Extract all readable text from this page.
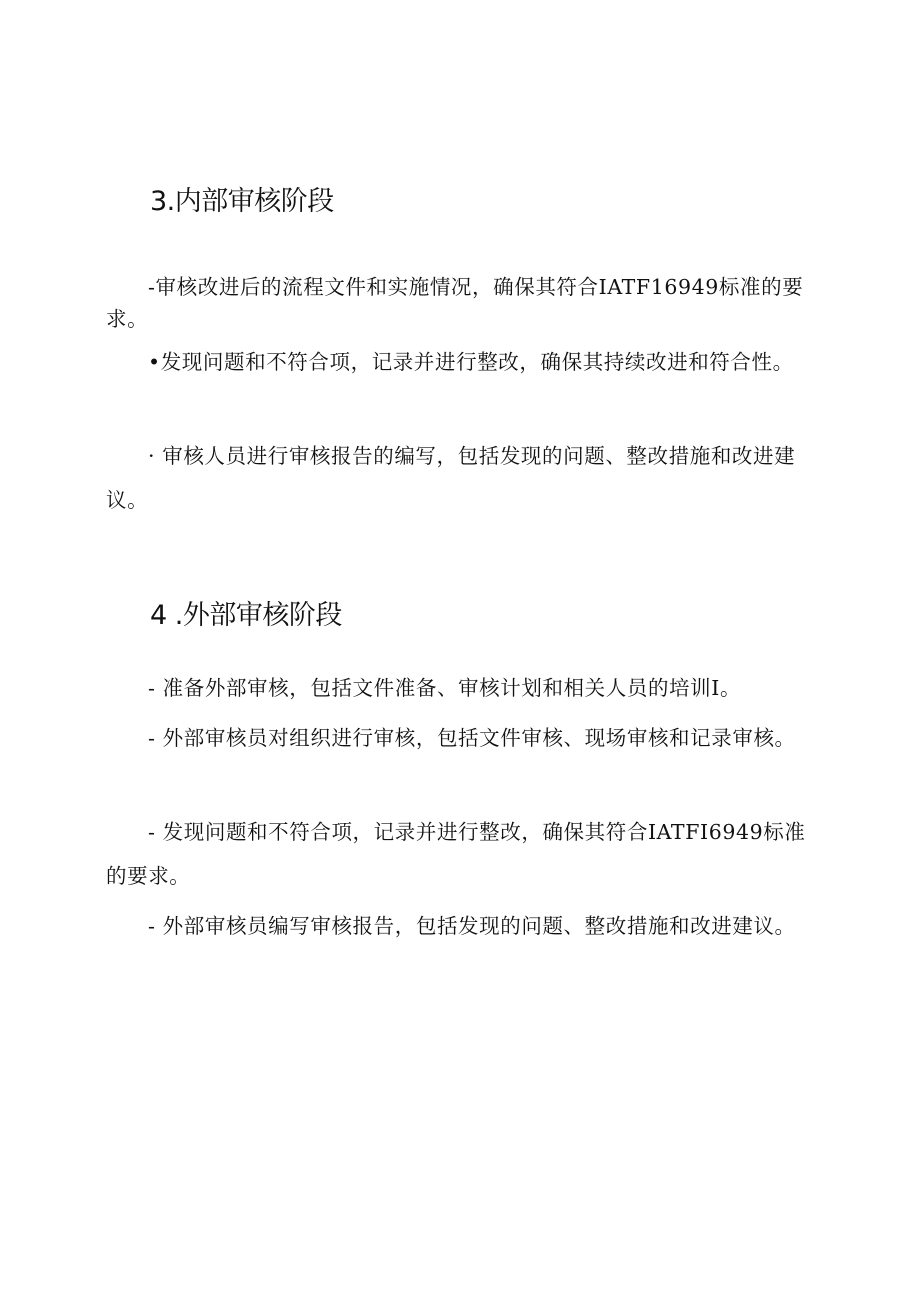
3.内部审核阶段

-审核改进后的流程文件和实施情况，确保其符合IATF16949标准的要求。

•发现问题和不符合项，记录并进行整改，确保其持续改进和符合性。

· 审核人员进行审核报告的编写，包括发现的问题、整改措施和改进建议。

4 .外部审核阶段

- 准备外部审核，包括文件准备、审核计划和相关人员的培训I。

- 外部审核员对组织进行审核，包括文件审核、现场审核和记录审核。

- 发现问题和不符合项，记录并进行整改，确保其符合IATFI6949标准的要求。

- 外部审核员编写审核报告，包括发现的问题、整改措施和改进建议。
